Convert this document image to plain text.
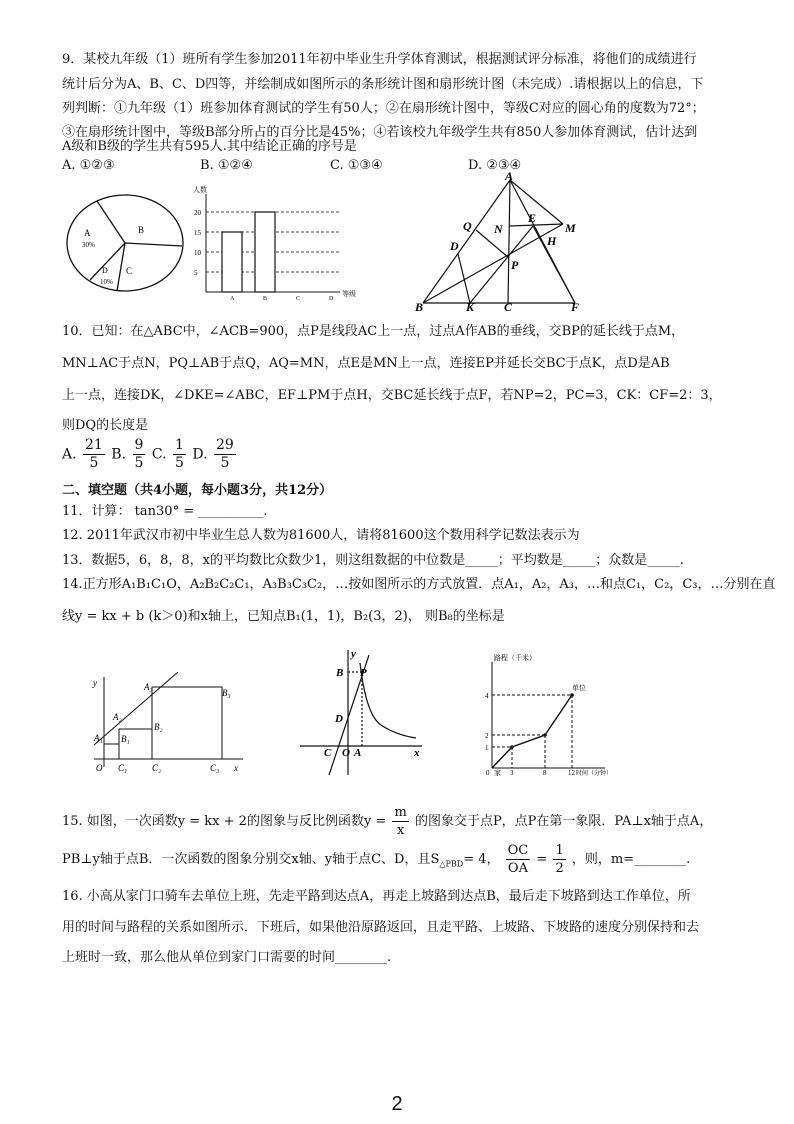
9．某校九年级（1）班所有学生参加2011年初中毕业生升学体育测试，根据测试评分标准，将他们的成绩进行
统计后分为A、B、C、D四等，并绘制成如图所示的条形统计图和扇形统计图（未完成）.请根据以上的信息，下
列判断：①九年级（1）班参加体育测试的学生有50人；②在扇形统计图中，等级C对应的圆心角的度数为72°；
③在扇形统计图中，等级B部分所占的百分比是45%；④若该校九年级学生共有850人参加体育测试，估计达到
A级和B级的学生共有595人.其中结论正确的序号是
A. ①②③	B. ①②④	C. ①③④	D. ②③④
A
30%
B
C
D
10%
人数
等级
5
10
15
20
A	B	C	D
A
Q N
E
M
D	H
P
B	K C	F
10．已知：在△ABC中，∠ACB=900，点P是线段AC上一点，过点A作AB的垂线，交BP的延长线于点M，
MN⊥AC于点N，PQ⊥AB于点Q，AQ=MN，点E是MN上一点，连接EP并延长交BC于点K，点D是AB
上一点，连接DK，∠DKE=∠ABC，EF⊥PM于点H，交BC延长线于点F，若NP=2，PC=3，CK：CF=2：3，
则DQ的长度是
A. $\frac{21}{5} B$. $\frac{9}{5} C$. $\frac{1}{5} D$. $\frac{29}{5}$
二、填空题（共4小题，每小题3分，共12分）
11．计算： tan30° = __________.
12. 2011年武汉市初中毕业生总人数为81600人，请将81600这个数用科学记数法表示为
13．数据5，6，8，8，x的平均数比众数少1，则这组数据的中位数是_____；平均数是_____；众数是_____.
14.正方形A₁B₁C₁O，A₂B₂C₂C₁，A₃B₃C₃C₂，…按如图所示的方式放置．点A₁，A₂，A₃，…和点C₁，C₂，C₃，…分别在直
线y = kx + b (k＞0)和x轴上，已知点B₁(1，1)，B₂(3，2)， 则B₈的坐标是
y	A₃
B₃
A₂
B₂
A₁ B₁
O C₁	C₂	C₃ x
y
B P
D
C O A	x
路程（千米）
单位
1
2
4
0 家 3	8	12 时间（分钟）
15. 如图，一次函数y = kx + 2的图象与反比例函数$y = \frac{m}{x}$ 的图象交于点P，点P在第一象限．PA⊥x轴于点A，
PB⊥y轴于点B．一次函数的图象分别交x轴、y轴于点C、D，且$S_{\triangle PBD}= 4$， $\frac{OC}{OA} = \frac{1}{2}$ ，则，m=________.
16. 小高从家门口骑车去单位上班，先走平路到达点A，再走上坡路到达点B，最后走下坡路到达工作单位，所
用的时间与路程的关系如图所示．下班后，如果他沿原路返回，且走平路、上坡路、下坡路的速度分别保持和去
上班时一致，那么他从单位到家门口需要的时间________.
2
